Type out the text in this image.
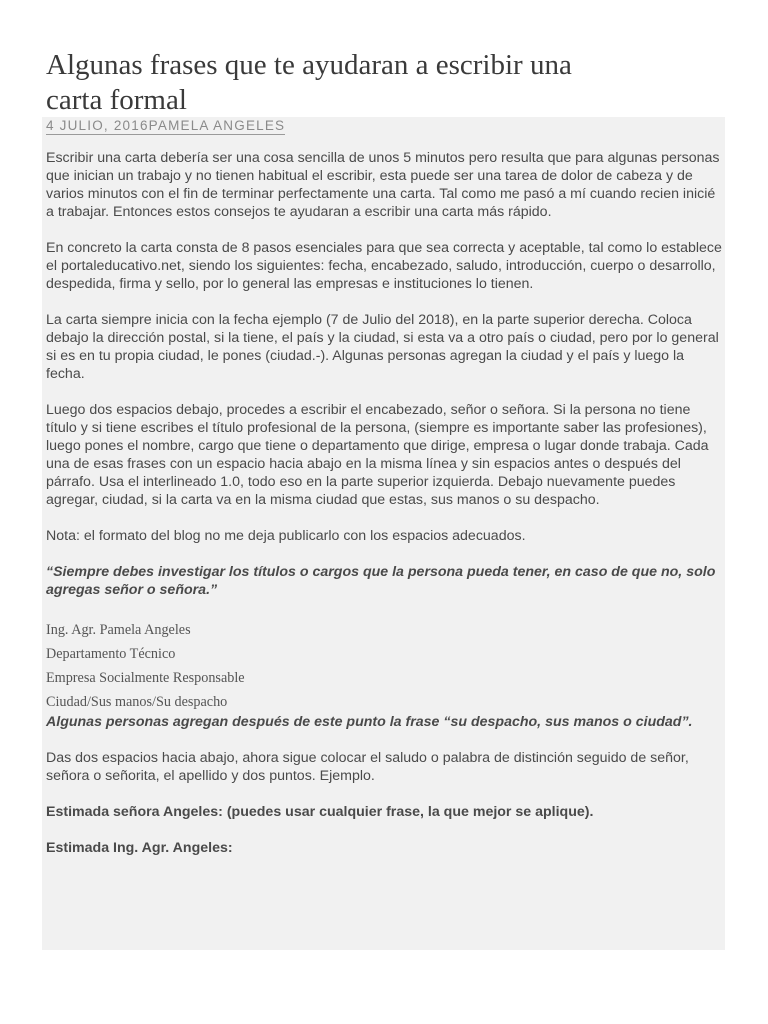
Algunas frases que te ayudaran a escribir una
carta formal
4 JULIO, 2016PAMELA ANGELES

Escribir una carta debería ser una cosa sencilla de unos 5 minutos pero resulta que para algunas personas que inician un trabajo y no tienen habitual el escribir, esta puede ser una tarea de dolor de cabeza y de varios minutos con el fin de terminar perfectamente una carta. Tal como me pasó a mí cuando recien inicié a trabajar. Entonces estos consejos te ayudaran a escribir una carta más rápido.

En concreto la carta consta de 8 pasos esenciales para que sea correcta y aceptable, tal como lo establece el portaleducativo.net, siendo los siguientes: fecha, encabezado, saludo, introducción, cuerpo o desarrollo, despedida, firma y sello, por lo general las empresas e instituciones lo tienen.

La carta siempre inicia con la fecha ejemplo (7 de Julio del 2018), en la parte superior derecha. Coloca debajo la dirección postal, si la tiene, el país y la ciudad, si esta va a otro país o ciudad, pero por lo general si es en tu propia ciudad, le pones (ciudad.-). Algunas personas agregan la ciudad y el país y luego la fecha.

Luego dos espacios debajo, procedes a escribir el encabezado, señor o señora. Si la persona no tiene título y si tiene escribes el título profesional de la persona, (siempre es importante saber las profesiones), luego pones el nombre, cargo que tiene o departamento que dirige, empresa o lugar donde trabaja. Cada una de esas frases con un espacio hacia abajo en la misma línea y sin espacios antes o después del párrafo. Usa el interlineado 1.0, todo eso en la parte superior izquierda. Debajo nuevamente puedes agregar, ciudad, si la carta va en la misma ciudad que estas, sus manos o su despacho.

Nota: el formato del blog no me deja publicarlo con los espacios adecuados.

“Siempre debes investigar los títulos o cargos que la persona pueda tener, en caso de que no, solo agregas señor o señora.”

Ing. Agr. Pamela Angeles
Departamento Técnico
Empresa Socialmente Responsable
Ciudad/Sus manos/Su despacho

Algunas personas agregan después de este punto la frase “su despacho, sus manos o ciudad”.

Das dos espacios hacia abajo, ahora sigue colocar el saludo o palabra de distinción seguido de señor, señora o señorita, el apellido y dos puntos. Ejemplo.

Estimada señora Angeles: (puedes usar cualquier frase, la que mejor se aplique).

Estimada Ing. Agr. Angeles:
